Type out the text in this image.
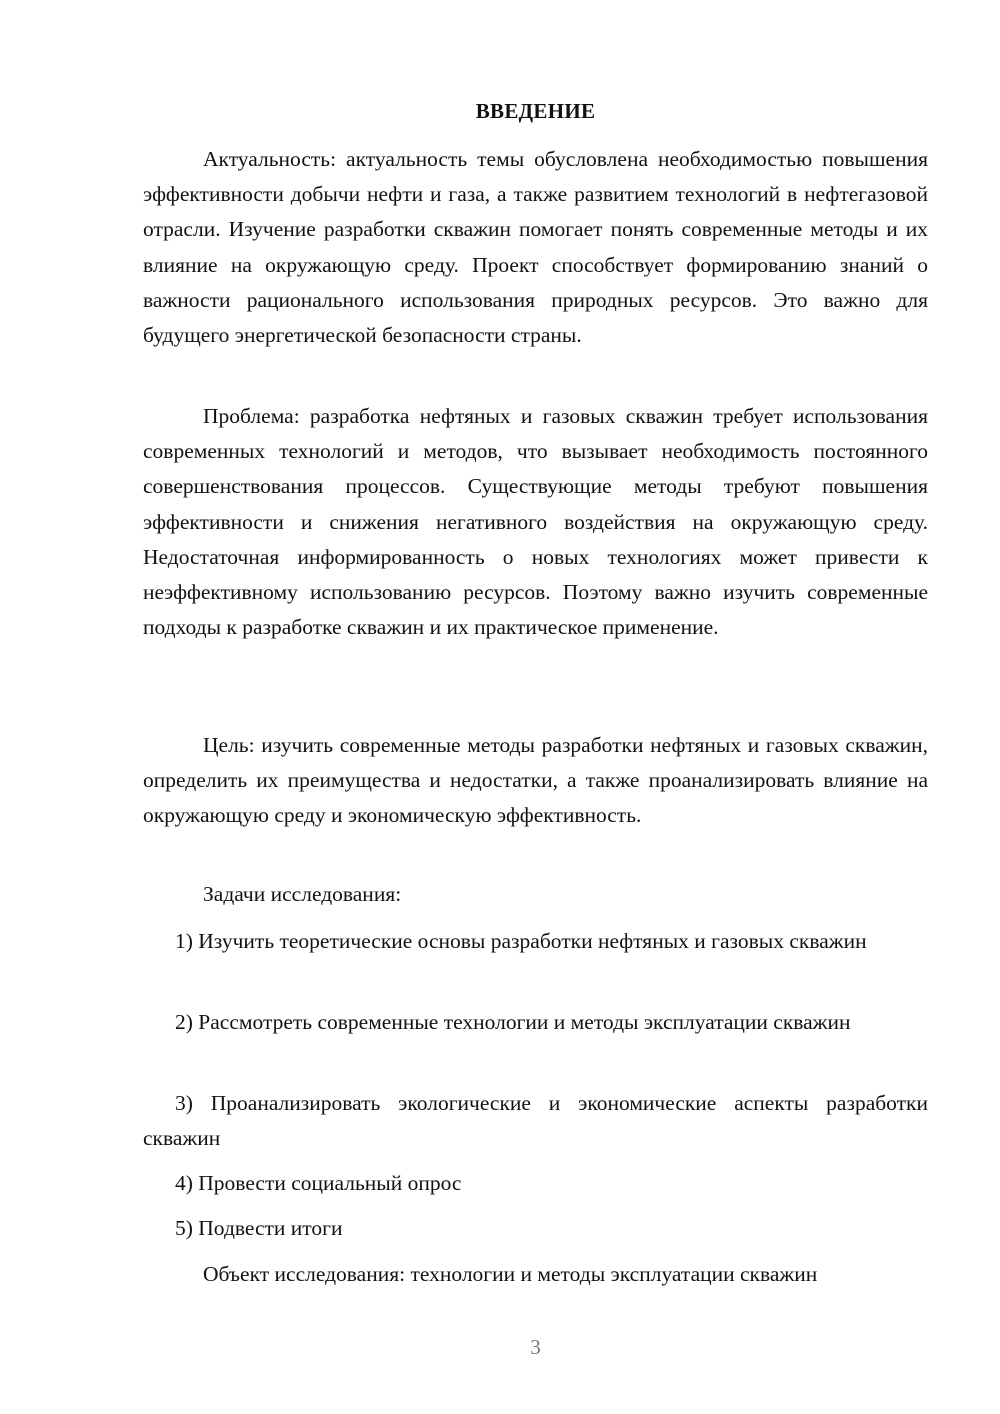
ВВЕДЕНИЕ

Актуальность: актуальность темы обусловлена необходимостью повышения эффективности добычи нефти и газа, а также развитием технологий в нефтегазовой отрасли. Изучение разработки скважин помогает понять современные методы и их влияние на окружающую среду. Проект способствует формированию знаний о важности рационального использования природных ресурсов. Это важно для будущего энергетической безопасности страны.

Проблема: разработка нефтяных и газовых скважин требует использования современных технологий и методов, что вызывает необходимость постоянного совершенствования процессов. Существующие методы требуют повышения эффективности и снижения негативного воздействия на окружающую среду. Недостаточная информированность о новых технологиях может привести к неэффективному использованию ресурсов. Поэтому важно изучить современные подходы к разработке скважин и их практическое применение.

Цель: изучить современные методы разработки нефтяных и газовых скважин, определить их преимущества и недостатки, а также проанализировать влияние на окружающую среду и экономическую эффективность.

Задачи исследования:

1) Изучить теоретические основы разработки нефтяных и газовых скважин

2) Рассмотреть современные технологии и методы эксплуатации скважин

3) Проанализировать экологические и экономические аспекты разработки скважин

4) Провести социальный опрос

5) Подвести итоги

Объект исследования: технологии и методы эксплуатации скважин

3
